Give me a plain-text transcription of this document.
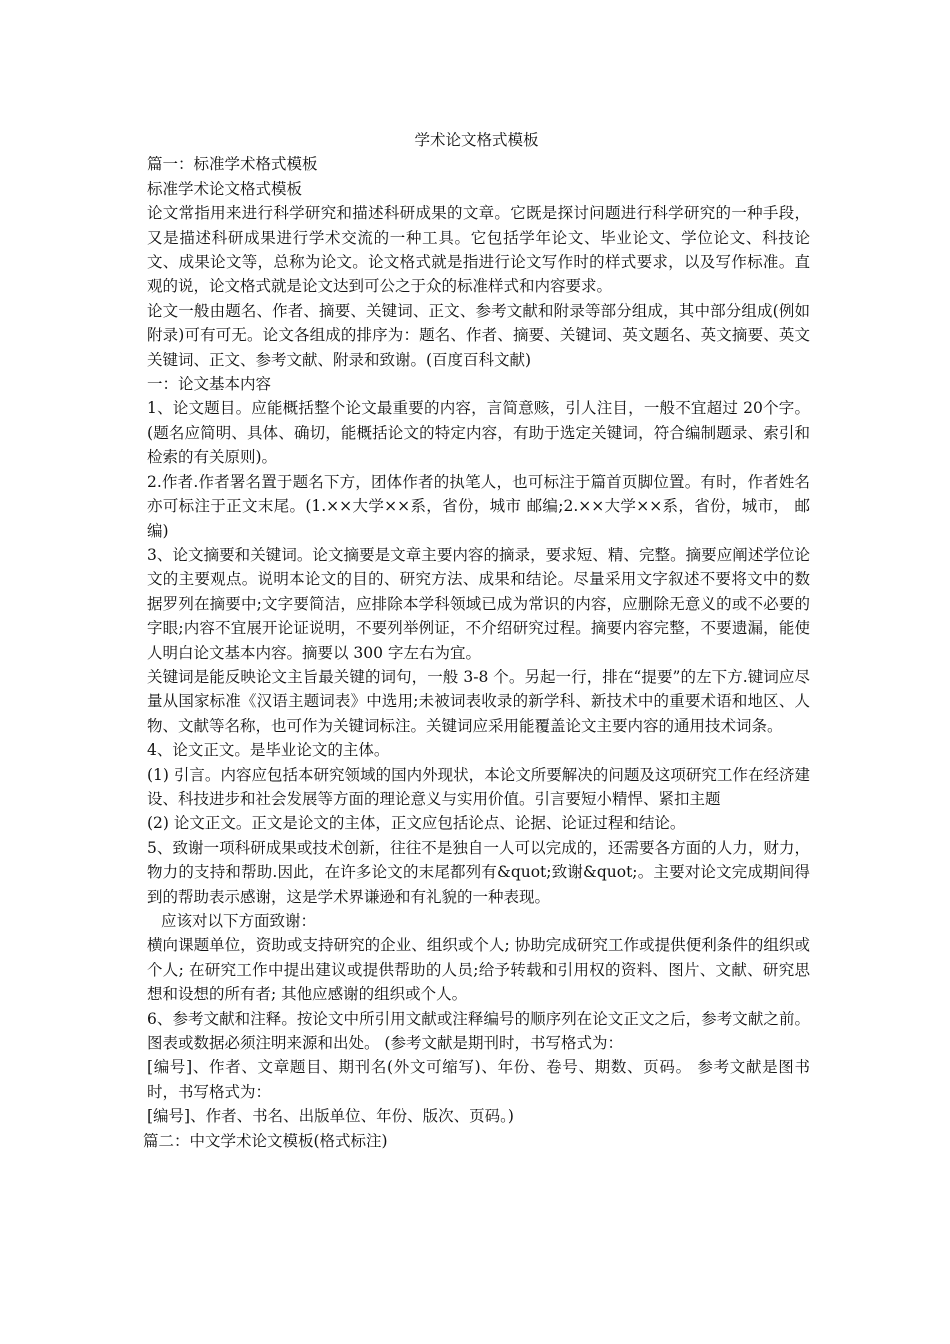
学术论文格式模板

篇一：标准学术格式模板

标准学术论文格式模板

论文常指用来进行科学研究和描述科研成果的文章。它既是探讨问题进行科学研究的一种手段，又是描述科研成果进行学术交流的一种工具。它包括学年论文、毕业论文、学位论文、科技论文、成果论文等，总称为论文。论文格式就是指进行论文写作时的样式要求，以及写作标准。直观的说，论文格式就是论文达到可公之于众的标准样式和内容要求。

论文一般由题名、作者、摘要、关键词、正文、参考文献和附录等部分组成，其中部分组成(例如附录)可有可无。论文各组成的排序为：题名、作者、摘要、关键词、英文题名、英文摘要、英文关键词、正文、参考文献、附录和致谢。(百度百科文献)

一：论文基本内容

1、论文题目。应能概括整个论文最重要的内容，言简意赅，引人注目，一般不宜超过 20个字。(题名应简明、具体、确切，能概括论文的特定内容，有助于选定关键词，符合编制题录、索引和检索的有关原则)。

2.作者.作者署名置于题名下方，团体作者的执笔人，也可标注于篇首页脚位置。有时，作者姓名亦可标注于正文末尾。(1.××大学××系，省份，城市 邮编;2.××大学××系，省份，城市， 邮编)

3、论文摘要和关键词。论文摘要是文章主要内容的摘录，要求短、精、完整。摘要应阐述学位论文的主要观点。说明本论文的目的、研究方法、成果和结论。尽量采用文字叙述不要将文中的数据罗列在摘要中;文字要简洁，应排除本学科领域已成为常识的内容，应删除无意义的或不必要的字眼;内容不宜展开论证说明，不要列举例证，不介绍研究过程。摘要内容完整，不要遗漏，能使人明白论文基本内容。摘要以 300 字左右为宜。

关键词是能反映论文主旨最关键的词句，一般 3-8 个。另起一行，排在“提要”的左下方.键词应尽量从国家标准《汉语主题词表》中选用;未被词表收录的新学科、新技术中的重要术语和地区、人物、文献等名称，也可作为关键词标注。关键词应采用能覆盖论文主要内容的通用技术词条。

4、论文正文。是毕业论文的主体。

(1) 引言。内容应包括本研究领域的国内外现状，本论文所要解决的问题及这项研究工作在经济建设、科技进步和社会发展等方面的理论意义与实用价值。引言要短小精悍、紧扣主题

(2) 论文正文。正文是论文的主体，正文应包括论点、论据、论证过程和结论。

5、致谢一项科研成果或技术创新，往往不是独自一人可以完成的，还需要各方面的人力，财力，物力的支持和帮助.因此，在许多论文的末尾都列有&quot;致谢&quot;。主要对论文完成期间得到的帮助表示感谢，这是学术界谦逊和有礼貌的一种表现。

应该对以下方面致谢：

横向课题单位，资助或支持研究的企业、组织或个人; 协助完成研究工作或提供便利条件的组织或个人; 在研究工作中提出建议或提供帮助的人员;给予转载和引用权的资料、图片、文献、研究思想和设想的所有者; 其他应感谢的组织或个人。

6、参考文献和注释。按论文中所引用文献或注释编号的顺序列在论文正文之后，参考文献之前。图表或数据必须注明来源和出处。 (参考文献是期刊时，书写格式为：

[编号]、作者、文章题目、期刊名(外文可缩写)、年份、卷号、期数、页码。 参考文献是图书时，书写格式为：

[编号]、作者、书名、出版单位、年份、版次、页码。)

篇二：中文学术论文模板(格式标注)
